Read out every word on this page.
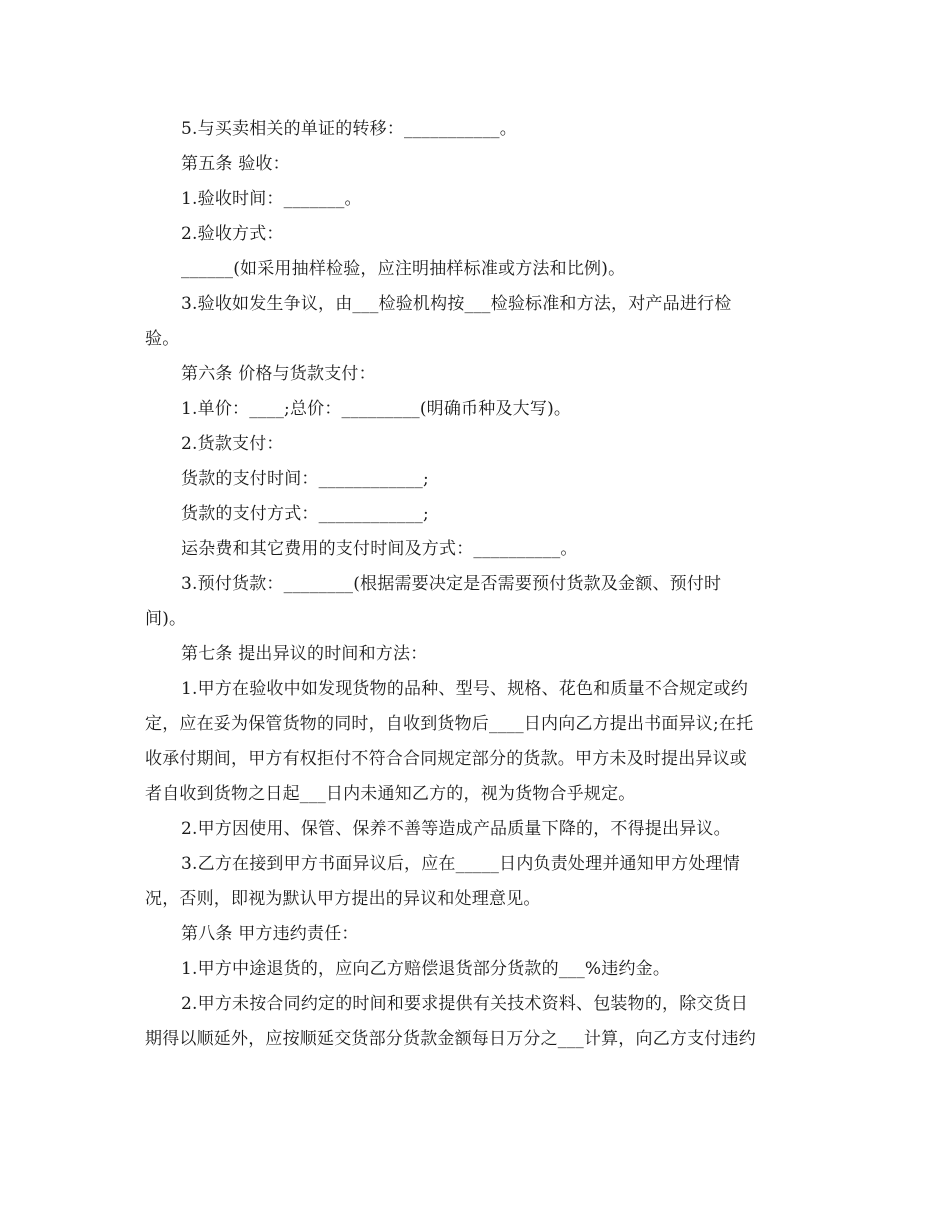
5.与买卖相关的单证的转移：___________。

第五条 验收：

1.验收时间：_______。

2.验收方式：

______(如采用抽样检验，应注明抽样标准或方法和比例)。

3.验收如发生争议，由___检验机构按___检验标准和方法，对产品进行检

验。

第六条 价格与货款支付：

1.单价：____;总价：_________(明确币种及大写)。

2.货款支付：

货款的支付时间：____________;

货款的支付方式：____________;

运杂费和其它费用的支付时间及方式：__________。

3.预付货款：________(根据需要决定是否需要预付货款及金额、预付时

间)。

第七条 提出异议的时间和方法：

1.甲方在验收中如发现货物的品种、型号、规格、花色和质量不合规定或约

定，应在妥为保管货物的同时，自收到货物后____日内向乙方提出书面异议;在托

收承付期间，甲方有权拒付不符合合同规定部分的货款。甲方未及时提出异议或

者自收到货物之日起___日内未通知乙方的，视为货物合乎规定。

2.甲方因使用、保管、保养不善等造成产品质量下降的，不得提出异议。

3.乙方在接到甲方书面异议后，应在_____日内负责处理并通知甲方处理情

况，否则，即视为默认甲方提出的异议和处理意见。

第八条 甲方违约责任：

1.甲方中途退货的，应向乙方赔偿退货部分货款的___%违约金。

2.甲方未按合同约定的时间和要求提供有关技术资料、包装物的，除交货日

期得以顺延外，应按顺延交货部分货款金额每日万分之___计算，向乙方支付违约
